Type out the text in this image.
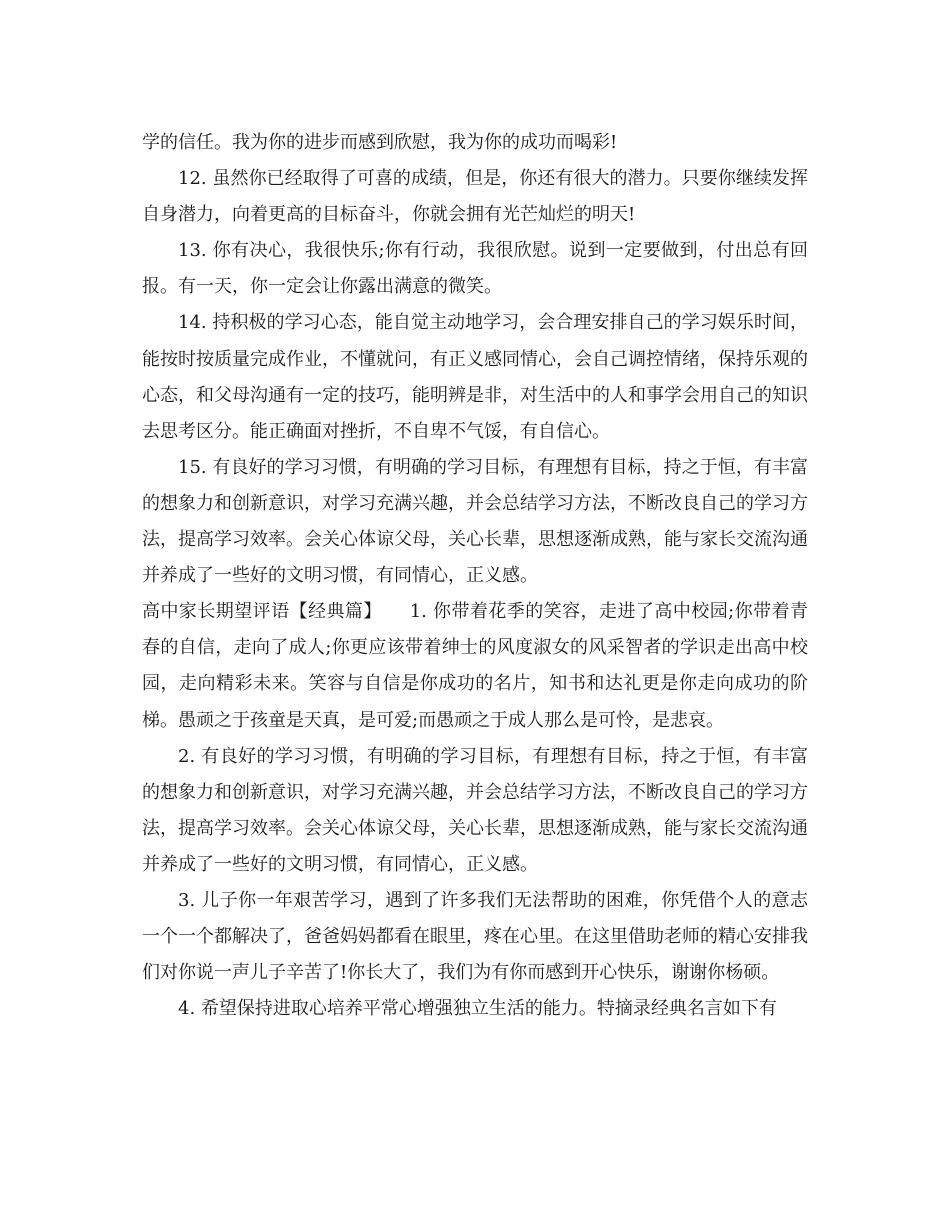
学的信任。我为你的进步而感到欣慰，我为你的成功而喝彩!

12. 虽然你已经取得了可喜的成绩，但是，你还有很大的潜力。只要你继续发挥自身潜力，向着更高的目标奋斗，你就会拥有光芒灿烂的明天!

13. 你有决心，我很快乐;你有行动，我很欣慰。说到一定要做到，付出总有回报。有一天，你一定会让你露出满意的微笑。

14. 持积极的学习心态，能自觉主动地学习，会合理安排自己的学习娱乐时间，能按时按质量完成作业，不懂就问，有正义感同情心，会自己调控情绪，保持乐观的心态，和父母沟通有一定的技巧，能明辨是非，对生活中的人和事学会用自己的知识去思考区分。能正确面对挫折，不自卑不气馁，有自信心。

15. 有良好的学习习惯，有明确的学习目标，有理想有目标，持之于恒，有丰富的想象力和创新意识，对学习充满兴趣，并会总结学习方法，不断改良自己的学习方法，提高学习效率。会关心体谅父母，关心长辈，思想逐渐成熟，能与家长交流沟通并养成了一些好的文明习惯，有同情心，正义感。

高中家长期望评语【经典篇】　　 1. 你带着花季的笑容，走进了高中校园;你带着青春的自信，走向了成人;你更应该带着绅士的风度淑女的风采智者的学识走出高中校园，走向精彩未来。笑容与自信是你成功的名片，知书和达礼更是你走向成功的阶梯。愚顽之于孩童是天真，是可爱;而愚顽之于成人那么是可怜，是悲哀。

2. 有良好的学习习惯，有明确的学习目标，有理想有目标，持之于恒，有丰富的想象力和创新意识，对学习充满兴趣，并会总结学习方法，不断改良自己的学习方法，提高学习效率。会关心体谅父母，关心长辈，思想逐渐成熟，能与家长交流沟通并养成了一些好的文明习惯，有同情心，正义感。

3. 儿子你一年艰苦学习，遇到了许多我们无法帮助的困难，你凭借个人的意志一个一个都解决了，爸爸妈妈都看在眼里，疼在心里。在这里借助老师的精心安排我们对你说一声儿子辛苦了!你长大了，我们为有你而感到开心快乐，谢谢你杨硕。

4. 希望保持进取心培养平常心增强独立生活的能力。特摘录经典名言如下有
